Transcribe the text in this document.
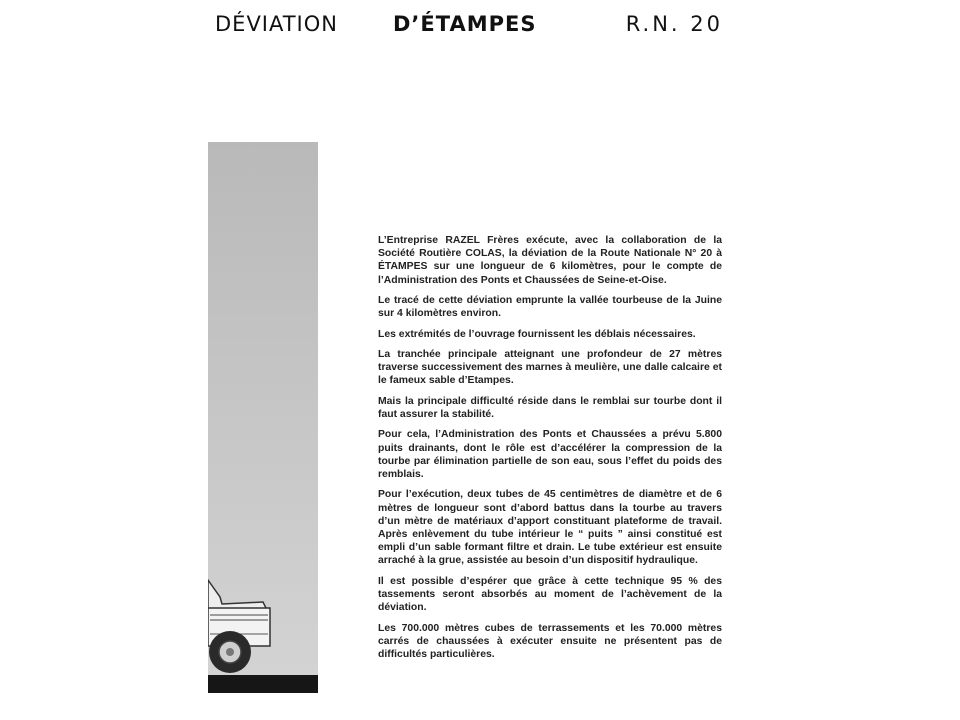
DÉVIATION	D’ÉTAMPES	R.N. 20

L’Entreprise RAZEL Frères exécute, avec la collaboration de la Société Routière COLAS, la déviation de la Route Nationale N° 20 à ÉTAMPES sur une longueur de 6 kilomètres, pour le compte de l’Administration des Ponts et Chaussées de Seine-et-Oise.

Le tracé de cette déviation emprunte la vallée tourbeuse de la Juine sur 4 kilomètres environ.

Les extrémités de l’ouvrage fournissent les déblais nécessaires.

La tranchée principale atteignant une profondeur de 27 mètres traverse successivement des marnes à meulière, une dalle calcaire et le fameux sable d’Etampes.

Mais la principale difficulté réside dans le remblai sur tourbe dont il faut assurer la stabilité.

Pour cela, l’Administration des Ponts et Chaussées a prévu 5.800 puits drainants, dont le rôle est d’accélérer la compression de la tourbe par élimination partielle de son eau, sous l’effet du poids des remblais.

Pour l’exécution, deux tubes de 45 centimètres de diamètre et de 6 mètres de longueur sont d’abord battus dans la tourbe au travers d’un mètre de matériaux d’apport constituant plateforme de travail. Après enlèvement du tube intérieur le “ puits ” ainsi constitué est empli d’un sable formant filtre et drain. Le tube extérieur est ensuite arraché à la grue, assistée au besoin d’un dispositif hydraulique.

Il est possible d’espérer que grâce à cette technique 95 % des tassements seront absorbés au moment de l’achèvement de la déviation.

Les 700.000 mètres cubes de terrassements et les 70.000 mètres carrés de chaussées à exécuter ensuite ne présentent pas de difficultés particulières.
